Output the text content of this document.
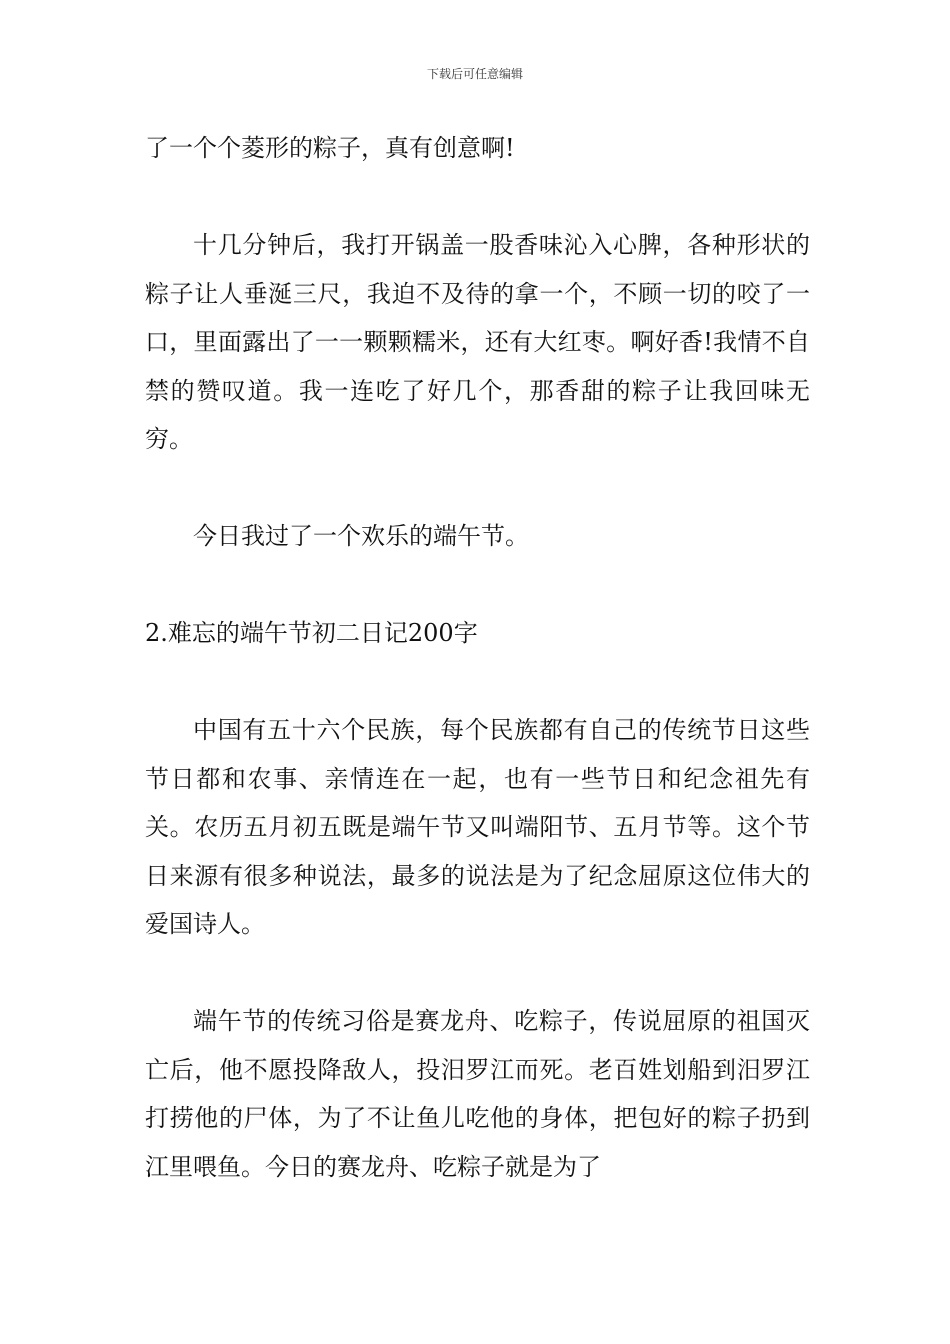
下载后可任意编辑

了一个个菱形的粽子，真有创意啊!

十几分钟后，我打开锅盖一股香味沁入心脾，各种形状的粽子让人垂涎三尺，我迫不及待的拿一个，不顾一切的咬了一口，里面露出了一一颗颗糯米，还有大红枣。啊好香!我情不自禁的赞叹道。我一连吃了好几个，那香甜的粽子让我回味无穷。

今日我过了一个欢乐的端午节。

2.难忘的端午节初二日记200字

中国有五十六个民族，每个民族都有自己的传统节日这些节日都和农事、亲情连在一起，也有一些节日和纪念祖先有关。农历五月初五既是端午节又叫端阳节、五月节等。这个节日来源有很多种说法，最多的说法是为了纪念屈原这位伟大的爱国诗人。

端午节的传统习俗是赛龙舟、吃粽子，传说屈原的祖国灭亡后，他不愿投降敌人，投汨罗江而死。老百姓划船到汨罗江打捞他的尸体，为了不让鱼儿吃他的身体，把包好的粽子扔到江里喂鱼。今日的赛龙舟、吃粽子就是为了
